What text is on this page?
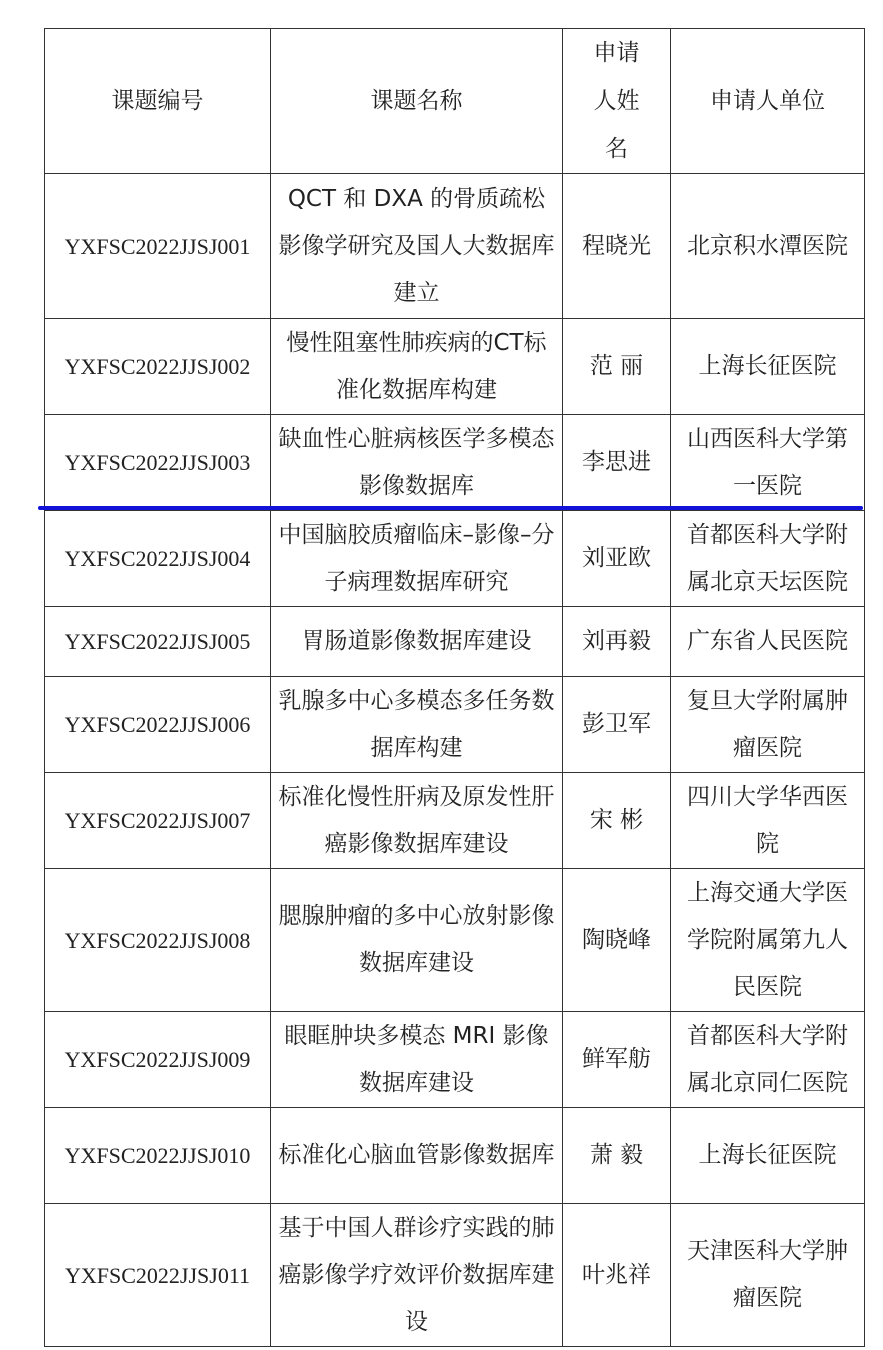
课题编号	课题名称	申请人姓名	申请人单位
YXFSC2022JJSJ001	QCT 和 DXA 的骨质疏松影像学研究及国人大数据库建立	程晓光	北京积水潭医院
YXFSC2022JJSJ002	慢性阻塞性肺疾病的CT标准化数据库构建	范 丽	上海长征医院
YXFSC2022JJSJ003	缺血性心脏病核医学多模态影像数据库	李思进	山西医科大学第一医院
YXFSC2022JJSJ004	中国脑胶质瘤临床–影像–分子病理数据库研究	刘亚欧	首都医科大学附属北京天坛医院
YXFSC2022JJSJ005	胃肠道影像数据库建设	刘再毅	广东省人民医院
YXFSC2022JJSJ006	乳腺多中心多模态多任务数据库构建	彭卫军	复旦大学附属肿瘤医院
YXFSC2022JJSJ007	标准化慢性肝病及原发性肝癌影像数据库建设	宋 彬	四川大学华西医院
YXFSC2022JJSJ008	腮腺肿瘤的多中心放射影像数据库建设	陶晓峰	上海交通大学医学院附属第九人民医院
YXFSC2022JJSJ009	眼眶肿块多模态 MRI 影像数据库建设	鲜军舫	首都医科大学附属北京同仁医院
YXFSC2022JJSJ010	标准化心脑血管影像数据库	萧 毅	上海长征医院
YXFSC2022JJSJ011	基于中国人群诊疗实践的肺癌影像学疗效评价数据库建设	叶兆祥	天津医科大学肿瘤医院
